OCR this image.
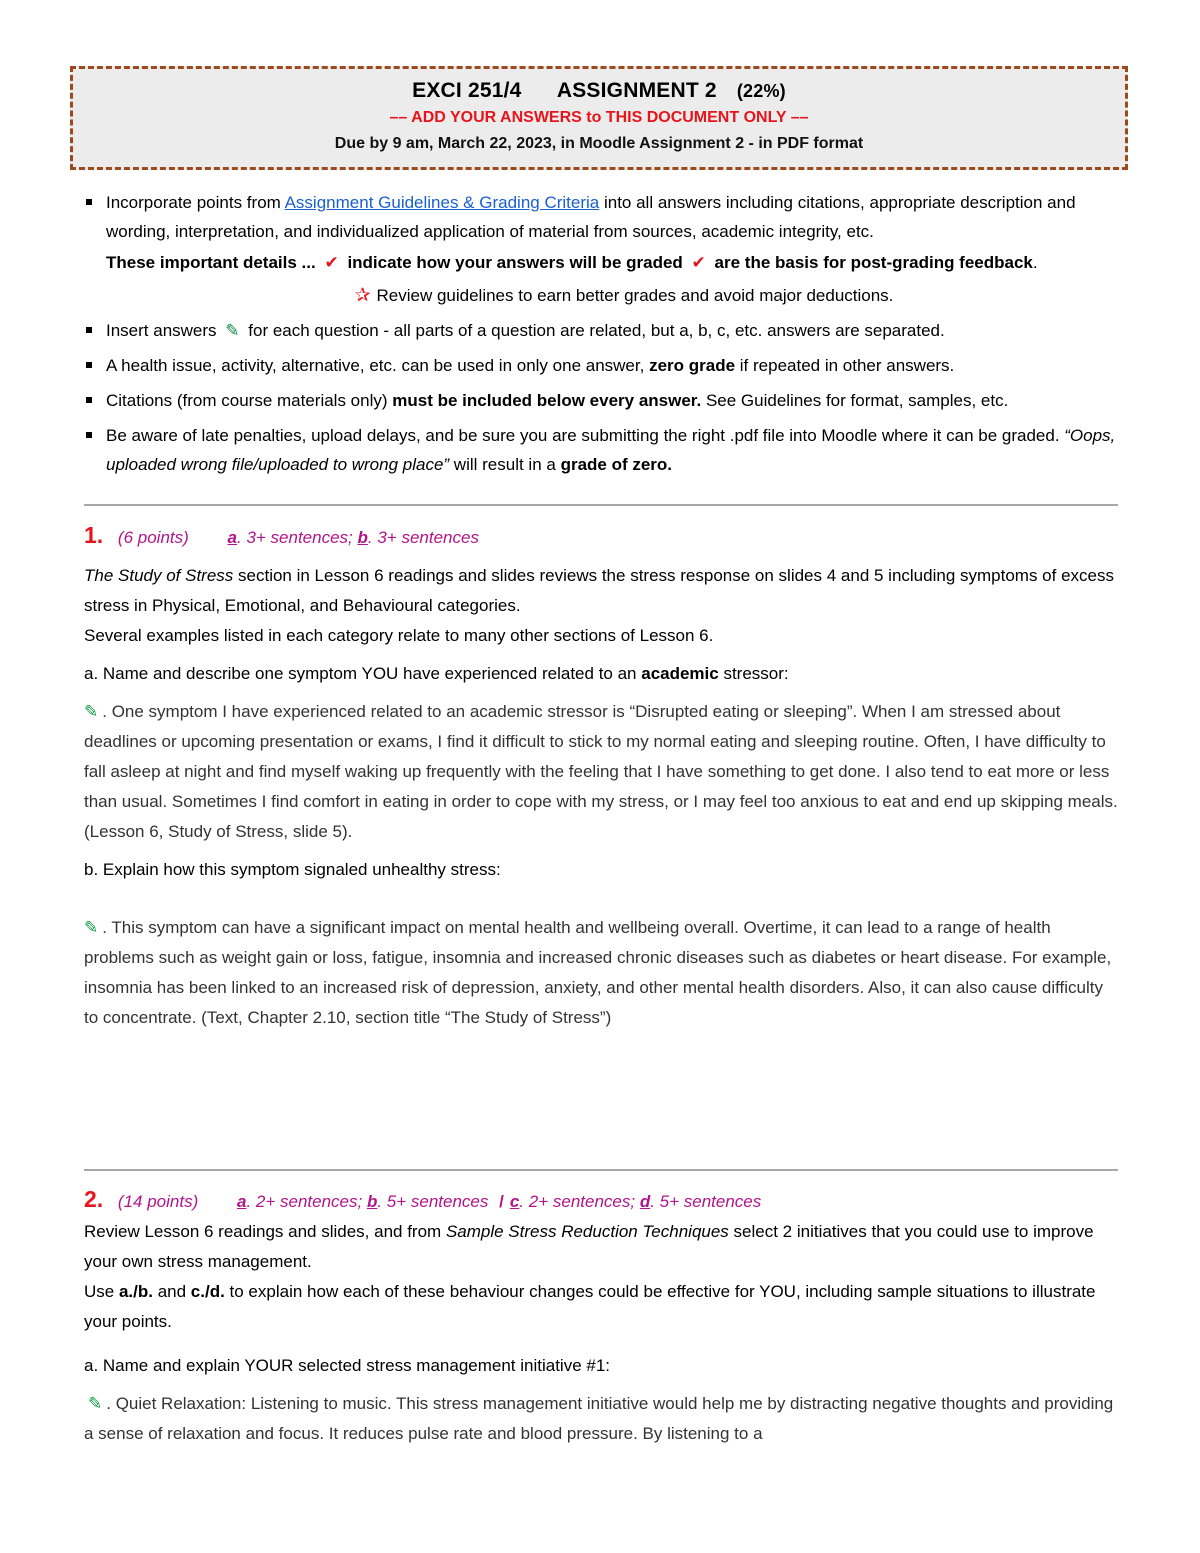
EXCI 251/4 ASSIGNMENT 2 (22%)
–– ADD YOUR ANSWERS to THIS DOCUMENT ONLY ––
Due by 9 am, March 22, 2023, in Moodle Assignment 2 - in PDF format
Incorporate points from Assignment Guidelines & Grading Criteria into all answers including citations, appropriate description and wording, interpretation, and individualized application of material from sources, academic integrity, etc.
These important details ... ✔ indicate how your answers will be graded ✔ are the basis for post-grading feedback.
✰ Review guidelines to earn better grades and avoid major deductions.
Insert answers ✎ for each question - all parts of a question are related, but a, b, c, etc. answers are separated.
A health issue, activity, alternative, etc. can be used in only one answer, zero grade if repeated in other answers.
Citations (from course materials only) must be included below every answer. See Guidelines for format, samples, etc.
Be aware of late penalties, upload delays, and be sure you are submitting the right .pdf file into Moodle where it can be graded. “Oops, uploaded wrong file/uploaded to wrong place” will result in a grade of zero.
1. (6 points) a. 3+ sentences; b. 3+ sentences
The Study of Stress section in Lesson 6 readings and slides reviews the stress response on slides 4 and 5 including symptoms of excess stress in Physical, Emotional, and Behavioural categories.
Several examples listed in each category relate to many other sections of Lesson 6.
a. Name and describe one symptom YOU have experienced related to an academic stressor:
✎ . One symptom I have experienced related to an academic stressor is “Disrupted eating or sleeping”. When I am stressed about deadlines or upcoming presentation or exams, I find it difficult to stick to my normal eating and sleeping routine. Often, I have difficulty to fall asleep at night and find myself waking up frequently with the feeling that I have something to get done. I also tend to eat more or less than usual. Sometimes I find comfort in eating in order to cope with my stress, or I may feel too anxious to eat and end up skipping meals. (Lesson 6, Study of Stress, slide 5).
b. Explain how this symptom signaled unhealthy stress:
✎ . This symptom can have a significant impact on mental health and wellbeing overall. Overtime, it can lead to a range of health problems such as weight gain or loss, fatigue, insomnia and increased chronic diseases such as diabetes or heart disease. For example, insomnia has been linked to an increased risk of depression, anxiety, and other mental health disorders. Also, it can also cause difficulty to concentrate. (Text, Chapter 2.10, section title “The Study of Stress”)
2. (14 points) a. 2+ sentences; b. 5+ sentences / c. 2+ sentences; d. 5+ sentences
Review Lesson 6 readings and slides, and from Sample Stress Reduction Techniques select 2 initiatives that you could use to improve your own stress management.
Use a./b. and c./d. to explain how each of these behaviour changes could be effective for YOU, including sample situations to illustrate your points.
a. Name and explain YOUR selected stress management initiative #1:
✎ . Quiet Relaxation: Listening to music. This stress management initiative would help me by distracting negative thoughts and providing a sense of relaxation and focus. It reduces pulse rate and blood pressure. By listening to a
